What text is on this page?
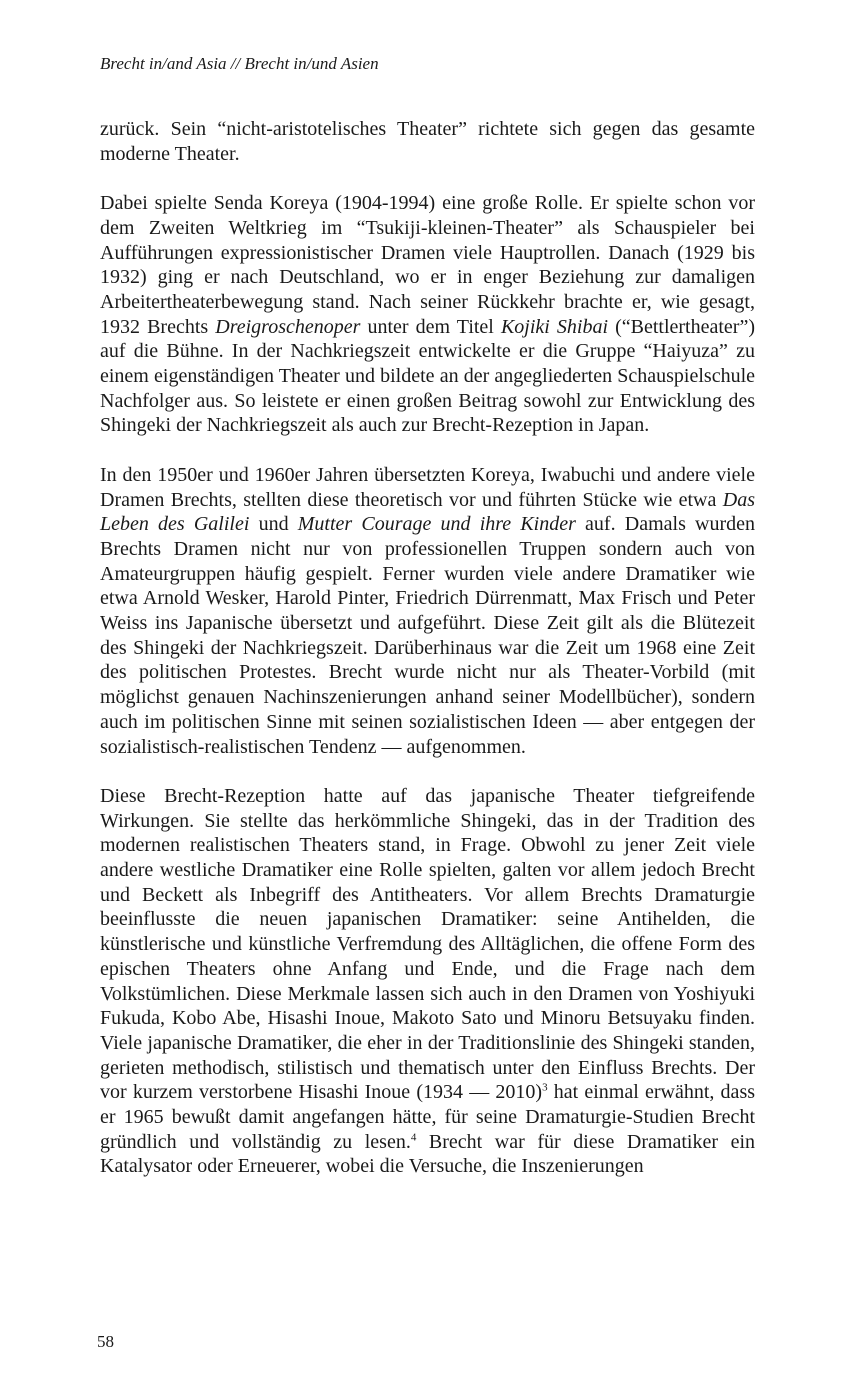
Brecht in/and Asia // Brecht in/und Asien

zurück. Sein “nicht-aristotelisches Theater” richtete sich gegen das gesamte moderne Theater.

Dabei spielte Senda Koreya (1904-1994) eine große Rolle. Er spielte schon vor dem Zweiten Weltkrieg im “Tsukiji-kleinen-Theater” als Schauspieler bei Aufführungen expressionistischer Dramen viele Hauptrollen. Danach (1929 bis 1932) ging er nach Deutschland, wo er in enger Beziehung zur damaligen Arbeitertheaterbewegung stand. Nach seiner Rückkehr brachte er, wie gesagt, 1932 Brechts Dreigroschenoper unter dem Titel Kojiki Shibai (“Bettlertheater”) auf die Bühne. In der Nachkriegszeit entwickelte er die Gruppe “Haiyuza” zu einem eigenständigen Theater und bildete an der angegliederten Schauspielschule Nachfolger aus. So leistete er einen großen Beitrag sowohl zur Entwicklung des Shingeki der Nachkriegszeit als auch zur Brecht-Rezeption in Japan.

In den 1950er und 1960er Jahren übersetzten Koreya, Iwabuchi und andere viele Dramen Brechts, stellten diese theoretisch vor und führten Stücke wie etwa Das Leben des Galilei und Mutter Courage und ihre Kinder auf. Damals wurden Brechts Dramen nicht nur von professionellen Truppen sondern auch von Amateurgruppen häufig gespielt. Ferner wurden viele andere Dramatiker wie etwa Arnold Wesker, Harold Pinter, Friedrich Dürrenmatt, Max Frisch und Peter Weiss ins Japanische übersetzt und aufgeführt. Diese Zeit gilt als die Blütezeit des Shingeki der Nachkriegszeit. Darüberhinaus war die Zeit um 1968 eine Zeit des politischen Protestes. Brecht wurde nicht nur als Theater-Vorbild (mit möglichst genauen Nachinszenierungen anhand seiner Modellbücher), sondern auch im politischen Sinne mit seinen sozialistischen Ideen — aber entgegen der sozialistisch-realistischen Tendenz — aufgenommen.

Diese Brecht-Rezeption hatte auf das japanische Theater tiefgreifende Wirkungen. Sie stellte das herkömmliche Shingeki, das in der Tradition des modernen realistischen Theaters stand, in Frage. Obwohl zu jener Zeit viele andere westliche Dramatiker eine Rolle spielten, galten vor allem jedoch Brecht und Beckett als Inbegriff des Antitheaters. Vor allem Brechts Dramaturgie beeinflusste die neuen japanischen Dramatiker: seine Antihelden, die künstlerische und künstliche Verfremdung des Alltäglichen, die offene Form des epischen Theaters ohne Anfang und Ende, und die Frage nach dem Volkstümlichen. Diese Merkmale lassen sich auch in den Dramen von Yoshiyuki Fukuda, Kobo Abe, Hisashi Inoue, Makoto Sato und Minoru Betsuyaku finden. Viele japanische Dramatiker, die eher in der Traditionslinie des Shingeki standen, gerieten methodisch, stilistisch und thematisch unter den Einfluss Brechts. Der vor kurzem verstorbene Hisashi Inoue (1934 — 2010)$^3$ hat einmal erwähnt, dass er 1965 bewußt damit angefangen hätte, für seine Dramaturgie-Studien Brecht gründlich und vollständig zu lesen.$^4$ Brecht war für diese Dramatiker ein Katalysator oder Erneuerer, wobei die Versuche, die Inszenierungen

58
